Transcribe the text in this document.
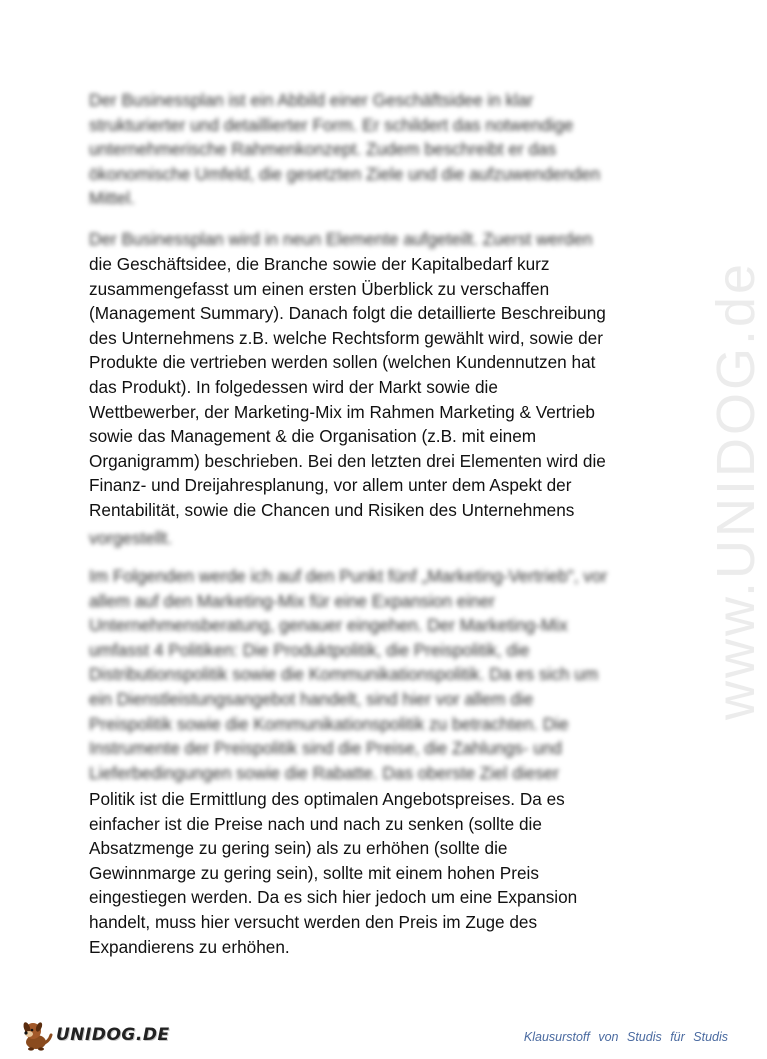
www.UNIDOG.de
Der Businessplan ist ein Abbild einer Geschäftsidee in klar
strukturierter und detaillierter Form. Er schildert das notwendige
unternehmerische Rahmenkonzept. Zudem beschreibt er das
ökonomische Umfeld, die gesetzten Ziele und die aufzuwendenden
Mittel.
Der Businessplan wird in neun Elemente aufgeteilt. Zuerst werden
die Geschäftsidee, die Branche sowie der Kapitalbedarf kurz
zusammengefasst um einen ersten Überblick zu verschaffen
(Management Summary). Danach folgt die detaillierte Beschreibung
des Unternehmens z.B. welche Rechtsform gewählt wird, sowie der
Produkte die vertrieben werden sollen (welchen Kundennutzen hat
das Produkt). In folgedessen wird der Markt sowie die
Wettbewerber, der Marketing-Mix im Rahmen Marketing & Vertrieb
sowie das Management & die Organisation (z.B. mit einem
Organigramm) beschrieben. Bei den letzten drei Elementen wird die
Finanz- und Dreijahresplanung, vor allem unter dem Aspekt der
Rentabilität, sowie die Chancen und Risiken des Unternehmens
vorgestellt.
Im Folgenden werde ich auf den Punkt fünf „Marketing-Vertrieb", vor
allem auf den Marketing-Mix für eine Expansion einer
Unternehmensberatung, genauer eingehen. Der Marketing-Mix
umfasst 4 Politiken: Die Produktpolitik, die Preispolitik, die
Distributionspolitik sowie die Kommunikationspolitik. Da es sich um
ein Dienstleistungsangebot handelt, sind hier vor allem die
Preispolitik sowie die Kommunikationspolitik zu betrachten. Die
Instrumente der Preispolitik sind die Preise, die Zahlungs- und
Lieferbedingungen sowie die Rabatte. Das oberste Ziel dieser
Politik ist die Ermittlung des optimalen Angebotspreises. Da es
einfacher ist die Preise nach und nach zu senken (sollte die
Absatzmenge zu gering sein) als zu erhöhen (sollte die
Gewinnmarge zu gering sein), sollte mit einem hohen Preis
eingestiegen werden. Da es sich hier jedoch um eine Expansion
handelt, muss hier versucht werden den Preis im Zuge des
Expandierens zu erhöhen.
UNIDOG.DE	Klausurstoff von Studis für Studis
